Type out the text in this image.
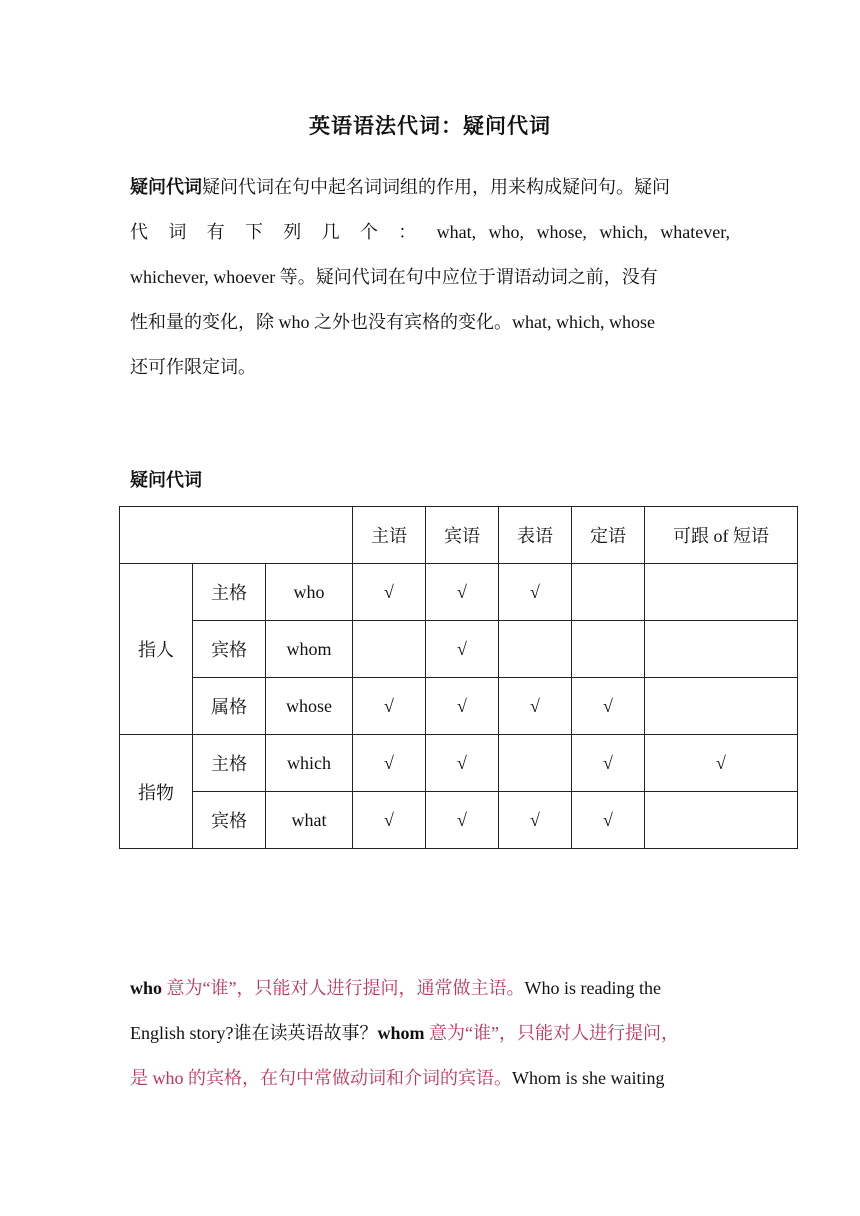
英语语法代词：疑问代词
疑问代词疑问代词在句中起名词词组的作用，用来构成疑问句。疑问
代 词 有 下 列 几 个 ： what, who, whose, which, whatever,
whichever, whoever 等。疑问代词在句中应位于谓语动词之前，没有
性和量的变化，除 who 之外也没有宾格的变化。what, which, whose
还可作限定词。
疑问代词
			主语	宾语	表语	定语	可跟 of 短语
指人	主格	who	√	√	√		
	宾格	whom		√			
	属格	whose	√	√	√	√	
指物	主格	which	√	√		√	√
	宾格	what	√	√	√	√	
who 意为“谁”，只能对人进行提问，通常做主语。Who is reading the
English story?谁在读英语故事？whom 意为“谁”，只能对人进行提问，
是 who 的宾格，在句中常做动词和介词的宾语。Whom is she waiting
